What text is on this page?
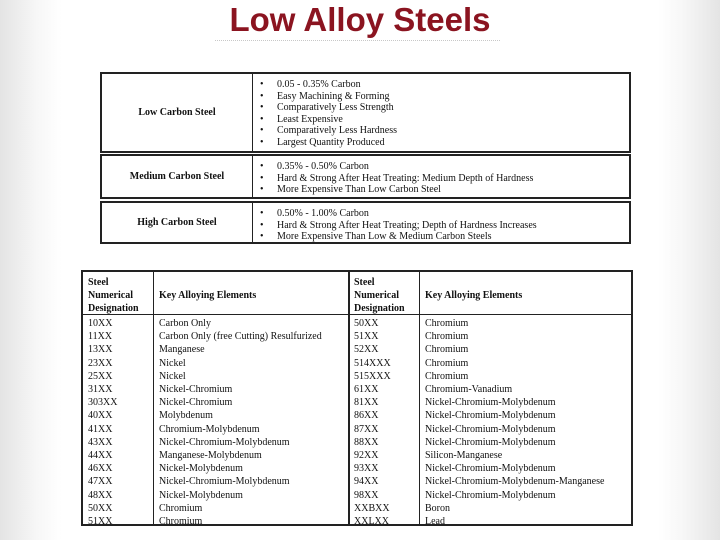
Low Alloy Steels
Low Carbon Steel
• 0.05 - 0.35% Carbon
• Easy Machining & Forming
• Comparatively Less Strength
• Least Expensive
• Comparatively Less Hardness
• Largest Quantity Produced
Medium Carbon Steel
• 0.35% - 0.50% Carbon
• Hard & Strong After Heat Treating: Medium Depth of Hardness
• More Expensive Than Low Carbon Steel
High Carbon Steel
• 0.50% - 1.00% Carbon
• Hard & Strong After Heat Treating; Depth of Hardness Increases
• More Expensive Than Low & Medium Carbon Steels
Steel
Numerical
Designation
Key Alloying Elements
Steel
Numerical
Designation
Key Alloying Elements
10XX
11XX
13XX
23XX
25XX
31XX
303XX
40XX
41XX
43XX
44XX
46XX
47XX
48XX
50XX
51XX
Carbon Only
Carbon Only (free Cutting) Resulfurized
Manganese
Nickel
Nickel
Nickel-Chromium
Nickel-Chromium
Molybdenum
Chromium-Molybdenum
Nickel-Chromium-Molybdenum
Manganese-Molybdenum
Nickel-Molybdenum
Nickel-Chromium-Molybdenum
Nickel-Molybdenum
Chromium
Chromium
50XX
51XX
52XX
514XXX
515XXX
61XX
81XX
86XX
87XX
88XX
92XX
93XX
94XX
98XX
XXBXX
XXLXX
Chromium
Chromium
Chromium
Chromium
Chromium
Chromium-Vanadium
Nickel-Chromium-Molybdenum
Nickel-Chromium-Molybdenum
Nickel-Chromium-Molybdenum
Nickel-Chromium-Molybdenum
Silicon-Manganese
Nickel-Chromium-Molybdenum
Nickel-Chromium-Molybdenum-Manganese
Nickel-Chromium-Molybdenum
Boron
Lead
